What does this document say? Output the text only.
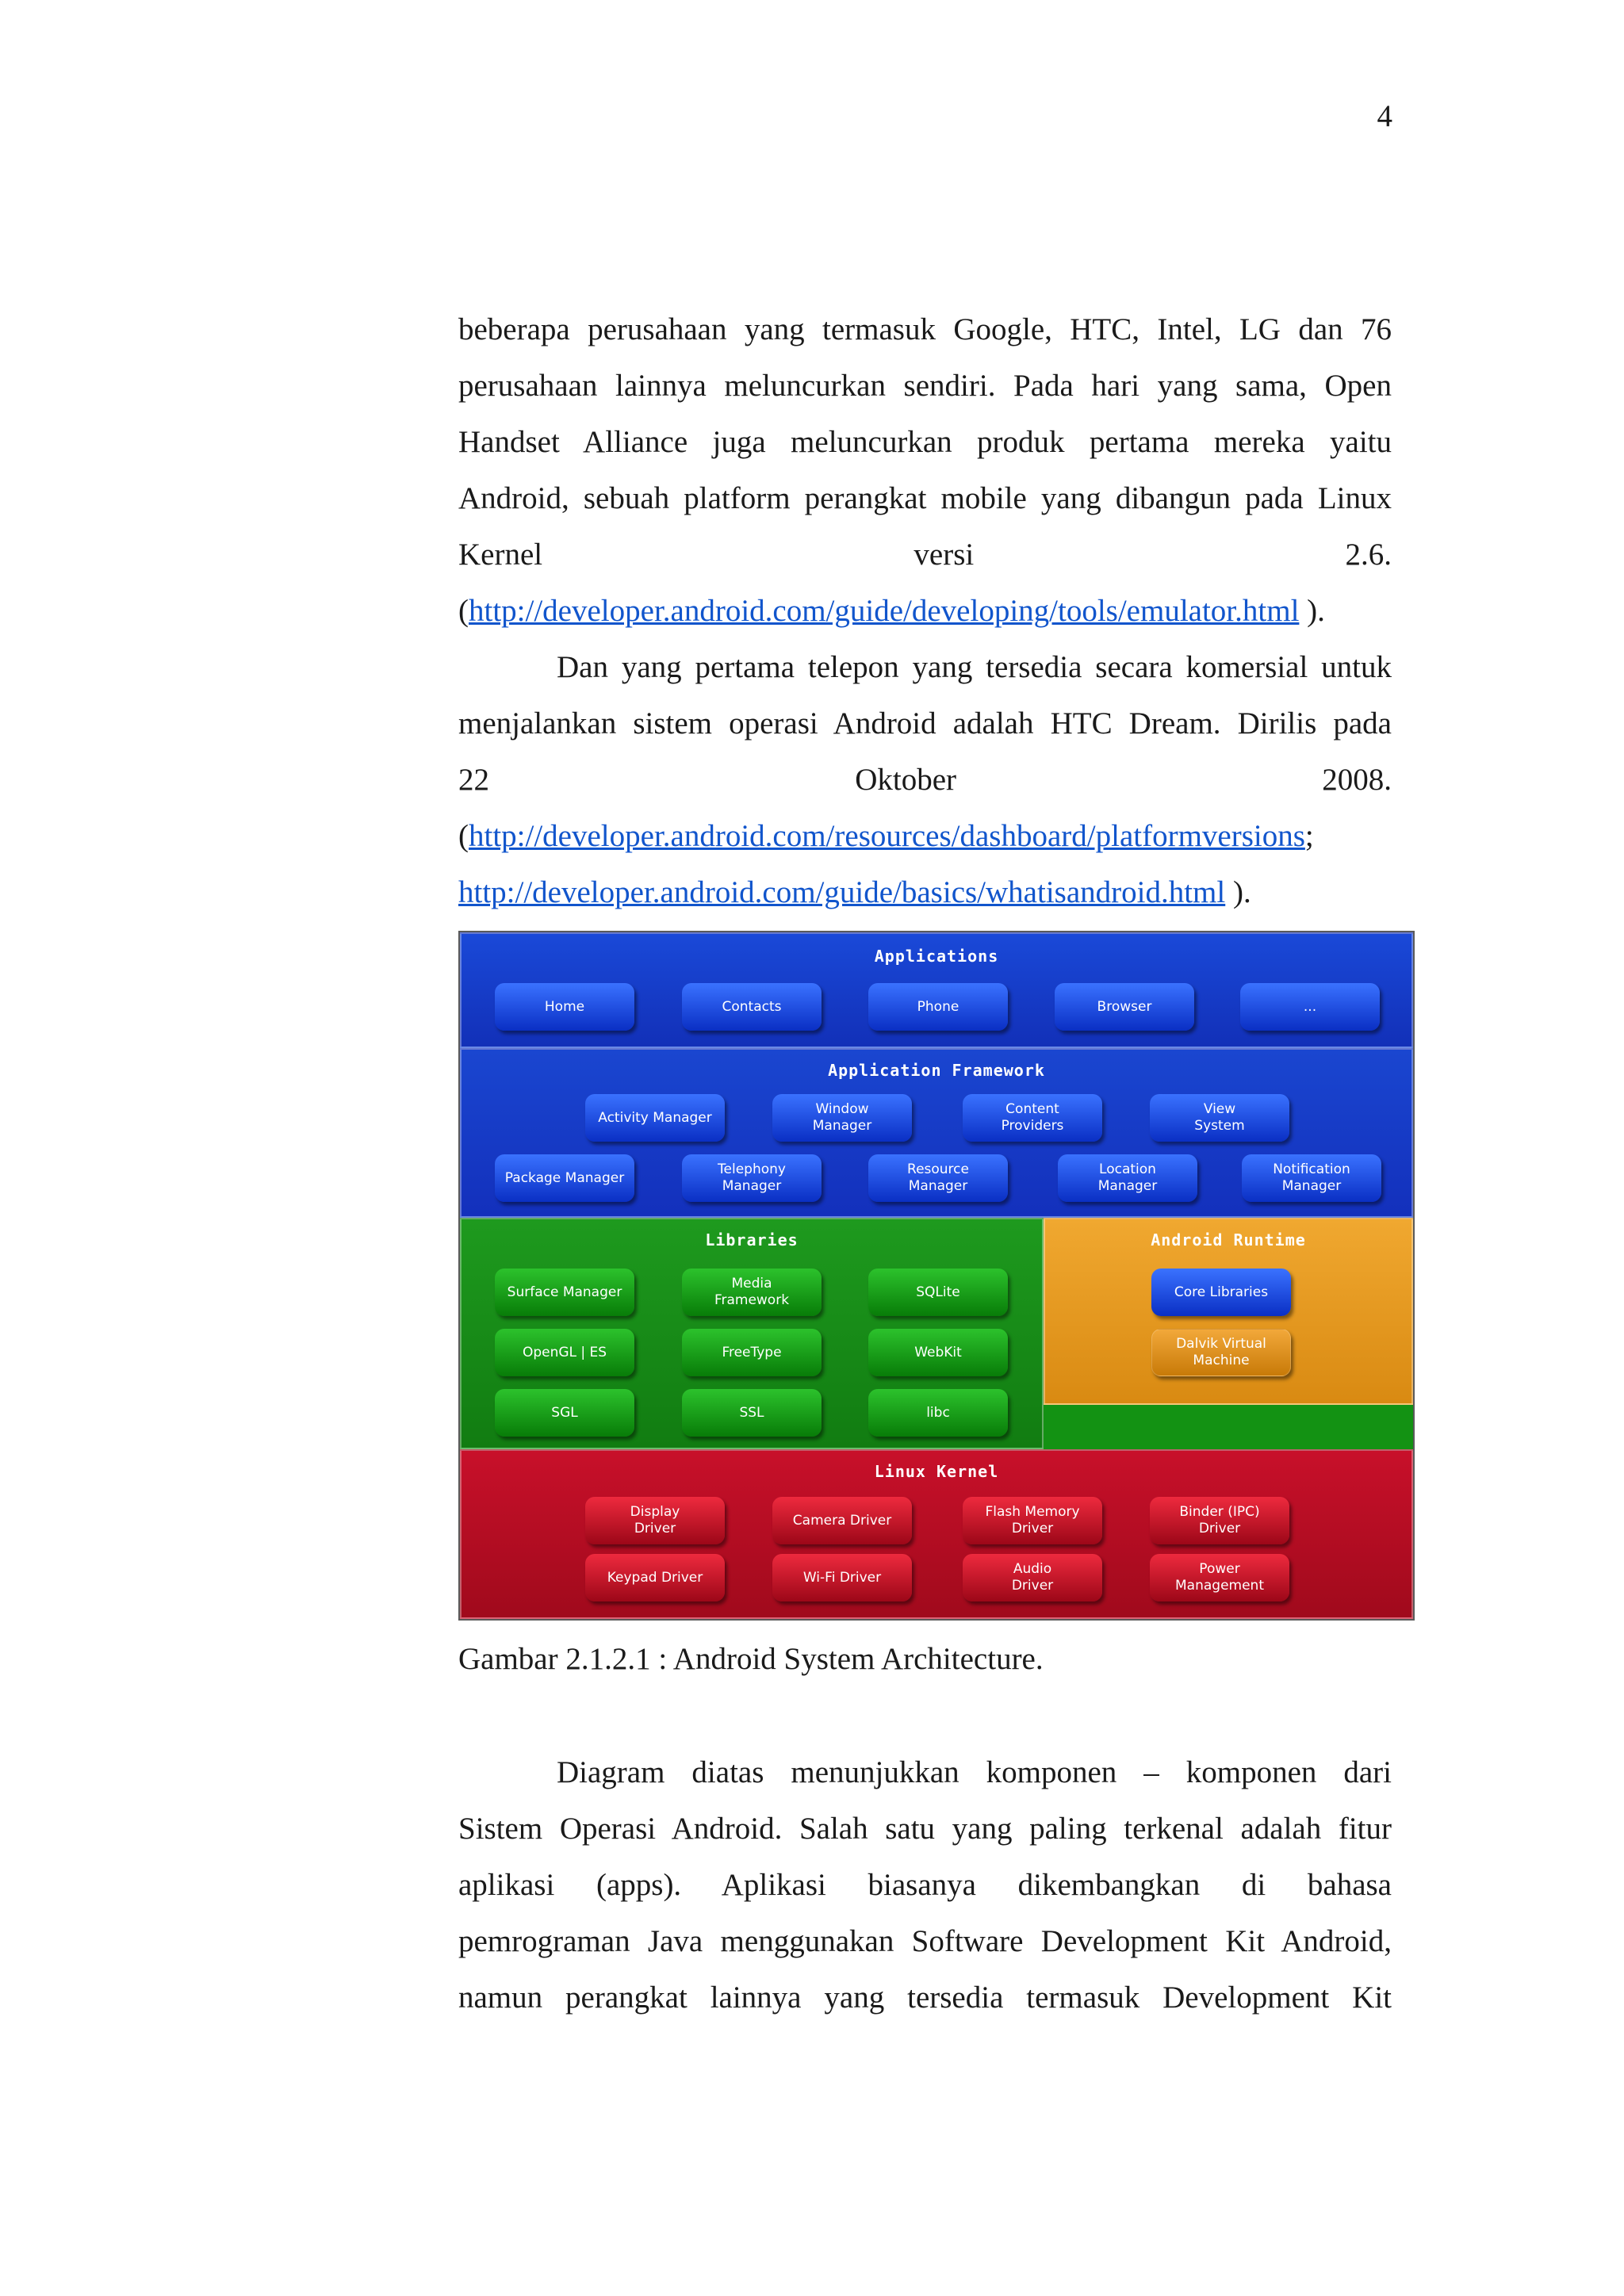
4
beberapa perusahaan yang termasuk Google, HTC, Intel, LG dan 76
perusahaan lainnya meluncurkan sendiri. Pada hari yang sama, Open
Handset Alliance juga meluncurkan produk pertama mereka yaitu
Android, sebuah platform perangkat mobile yang dibangun pada Linux
Kernel versi 2.6.
(http://developer.android.com/guide/developing/tools/emulator.html ).
Dan yang pertama telepon yang tersedia secara komersial untuk
menjalankan sistem operasi Android adalah HTC Dream. Dirilis pada
22 Oktober 2008.
(http://developer.android.com/resources/dashboard/platformversions;
http://developer.android.com/guide/basics/whatisandroid.html ).
Applications
Home	Contacts	Phone	Browser	...
Application Framework
Activity Manager
Window
Manager
Content
Providers
View
System
Package Manager
Telephony
Manager
Resource
Manager
Location
Manager
Notification
Manager
Libraries
Surface Manager
Media
Framework
SQLite
OpenGL | ES	FreeType	WebKit
SGL	SSL	libc
Android Runtime
Core Libraries
Dalvik Virtual
Machine
Linux Kernel
Display
Driver
Camera Driver
Flash Memory
Driver
Binder (IPC)
Driver
Keypad Driver	Wi-Fi Driver
Audio
Driver
Power
Management

Gambar 2.1.2.1 : Android System Architecture.

Diagram diatas menunjukkan komponen – komponen dari
Sistem Operasi Android. Salah satu yang paling terkenal adalah fitur
aplikasi (apps). Aplikasi biasanya dikembangkan di bahasa
pemrograman Java menggunakan Software Development Kit Android,
namun perangkat lainnya yang tersedia termasuk Development Kit
